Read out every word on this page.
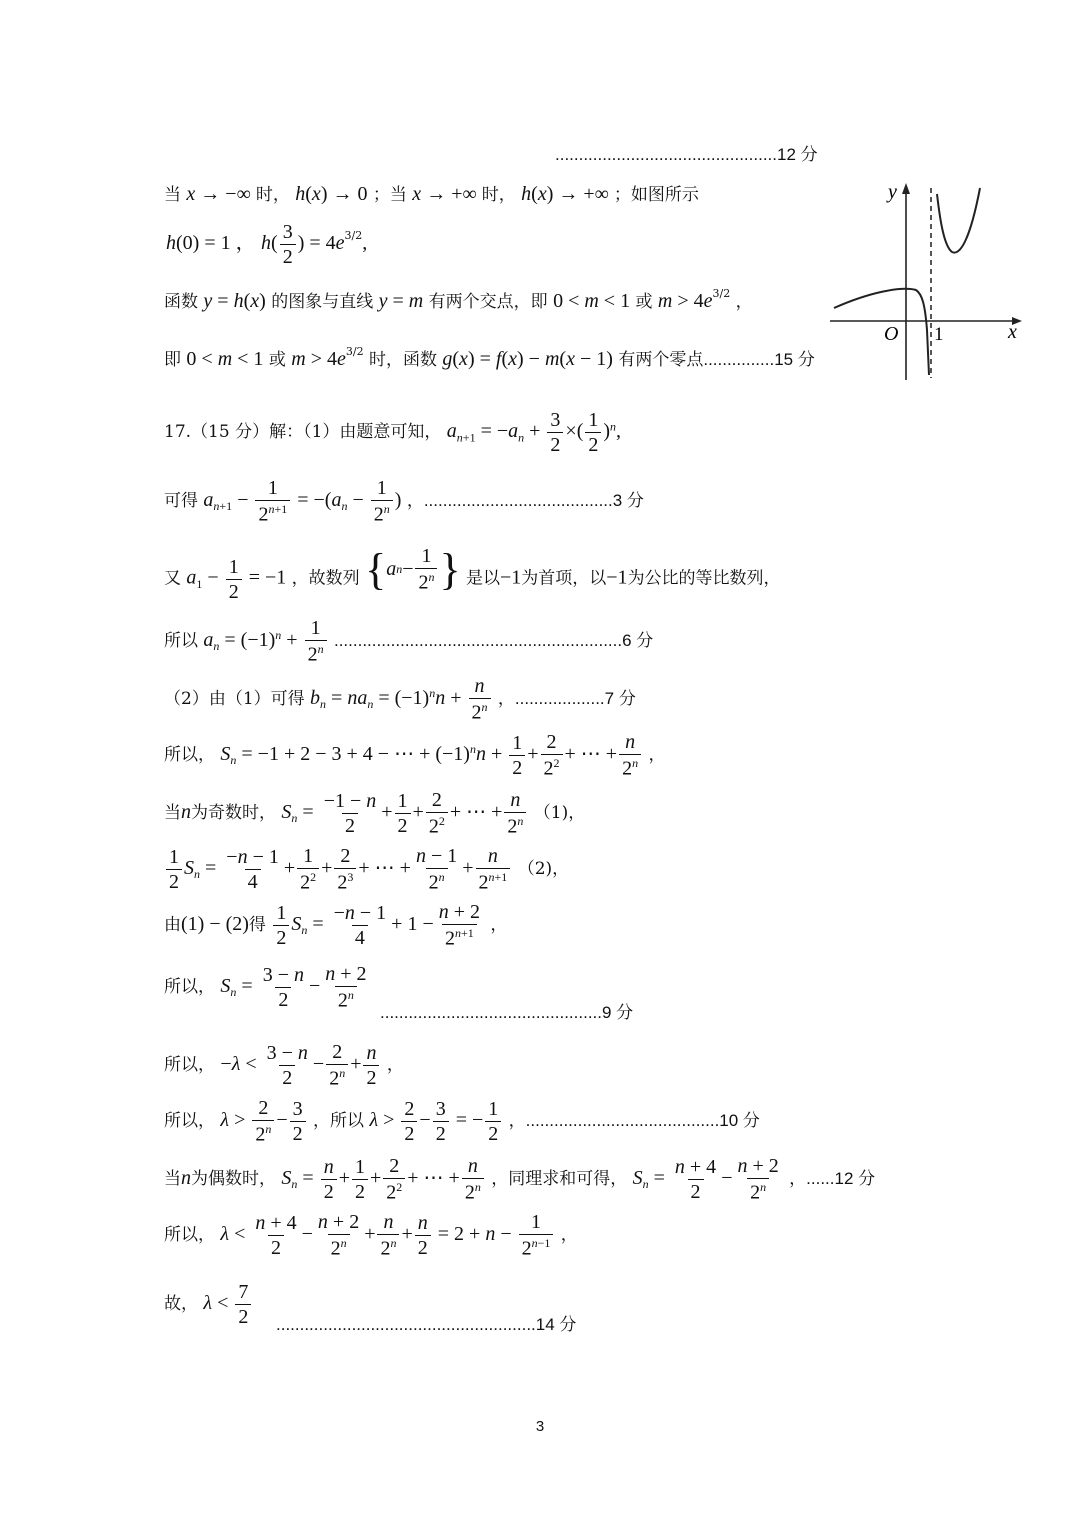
...............................................12 分
当 x → −∞ 时， h(x) → 0 ；当 x → +∞ 时， h(x) → +∞ ；如图所示
h(0) = 1 ， $h( \frac{3}{2}$ ) = $4e^{3/2}$,
函数 y = h(x) 的图象与直线 y = m 有两个交点，即 0 < m < 1 或 $m > 4e^{3/2}$ ，
即 0 < m < 1 或 $m > 4e^{3/2}$ 时，函数 g(x) = f(x) − m(x − 1) 有两个零点...............15 分
y
x
O 1
17.（15 分）解：（1）由题意可知， $a_{n+1} = -a_n + \frac{3}{2}$ ×( $\frac{1}{2} )^n$,
可得 $a_{n+1} - \frac{1}{2^{n+1}} = -(a_n - \frac{1}{2^n}$ ) ，........................................3 分
又 $a_1 - \frac{1}{2} = -1$ ，故数列 { a $n - \frac{1}{2^n}$ } 是以−1为首项，以−1为公比的等比数列，
所以 $a_n = (-1)^n + \frac{1}{2^n} .............................................................6$ 分
（2）由（1）可得 $b_n = na_n = (-1)^nn + \frac{n}{2^n}$ ，...................7 分
所以， $S_n = -1 + 2 - 3 + 4$ − ⋯ + $(-1)^nn + \frac{1}{2} + \frac{2}{2^2}$ + ⋯ + $\frac{n}{2^n}$ ，
当n为奇数时， $S_n = \frac{-1 - n}{2} + \frac{1}{2} + \frac{2}{2^2}$ + ⋯ + $\frac{n}{2^n} (1)$，
$\frac{1}{2} S_n = \frac{-n - 1}{4} + \frac{1}{2^2} + \frac{2}{2^3}$ + ⋯ + $\frac{n - 1}{2^n} + \frac{n}{2^{n+1}} (2)$，
由(1) − (2)得 $\frac{1}{2} S_n = \frac{-n - 1}{4} + 1 - \frac{n + 2}{2^{n+1}}$ ，
所以， $S_n = \frac{3 - n}{2} - \frac{n + 2}{2^n}$
...............................................9 分
所以， $-\lambda < \frac{3 - n}{2} - \frac{2}{2^n} + \frac{n}{2}$ ，
所以， $\lambda > \frac{2}{2^n} - \frac{3}{2}$ ，所以 $\lambda > \frac{2}{2} - \frac{3}{2}$ = − $\frac{1}{2}$ ，.........................................10 分
当n为偶数时， $S_n = \frac{n}{2} + \frac{1}{2} + \frac{2}{2^2}$ + ⋯ + $\frac{n}{2^n}$ ，同理求和可得， $S_n = \frac{n + 4}{2} - \frac{n + 2}{2^n}$ ，......12 分
所以， $\lambda < \frac{n + 4}{2} - \frac{n + 2}{2^n} + \frac{n}{2^n} + \frac{n}{2} = 2 + n - \frac{1}{2^{n-1}}$ ，
故， $\lambda < \frac{7}{2} .......................................................14$ 分
3
